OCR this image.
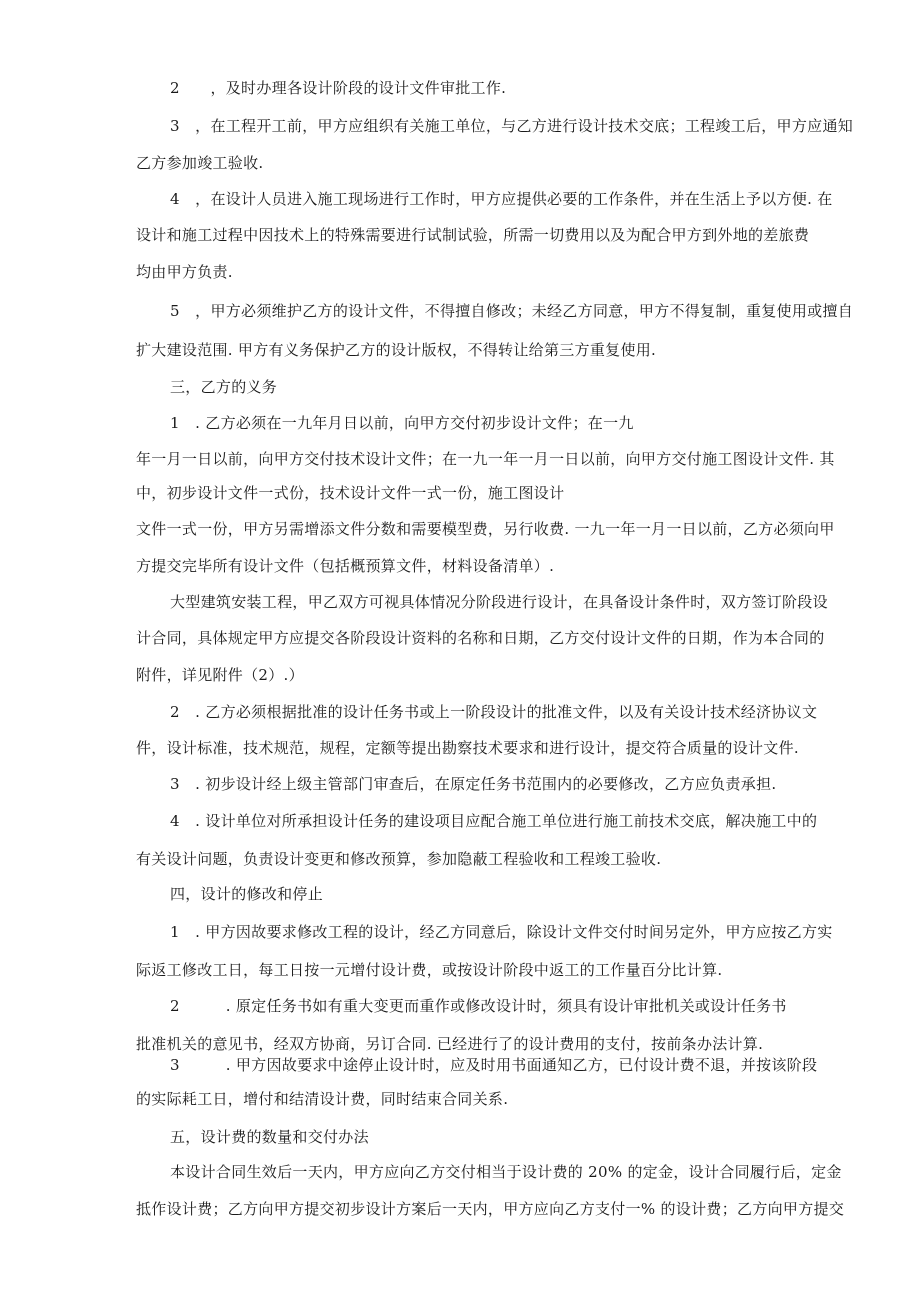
2　　，及时办理各设计阶段的设计文件审批工作.
3　，在工程开工前，甲方应组织有关施工单位，与乙方进行设计技术交底；工程竣工后，甲方应通知
乙方参加竣工验收.
4　，在设计人员进入施工现场进行工作时，甲方应提供必要的工作条件，并在生活上予以方便. 在
设计和施工过程中因技术上的特殊需要进行试制试验，所需一切费用以及为配合甲方到外地的差旅费
均由甲方负责.
5　，甲方必须维护乙方的设计文件，不得擅自修改；未经乙方同意，甲方不得复制，重复使用或擅自
扩大建设范围. 甲方有义务保护乙方的设计版权，不得转让给第三方重复使用.
三，乙方的义务
1　. 乙方必须在一九年月日以前，向甲方交付初步设计文件；在一九
年一月一日以前，向甲方交付技术设计文件；在一九一年一月一日以前，向甲方交付施工图设计文件. 其
中，初步设计文件一式份，技术设计文件一式一份，施工图设计
文件一式一份，甲方另需增添文件分数和需要模型费，另行收费. 一九一年一月一日以前，乙方必须向甲
方提交完毕所有设计文件（包括概预算文件，材料设备清单）.
大型建筑安装工程，甲乙双方可视具体情况分阶段进行设计，在具备设计条件时，双方签订阶段设
计合同，具体规定甲方应提交各阶段设计资料的名称和日期，乙方交付设计文件的日期，作为本合同的
附件，详见附件（2）.）
2　. 乙方必须根据批准的设计任务书或上一阶段设计的批准文件，以及有关设计技术经济协议文
件，设计标准，技术规范，规程，定额等提出勘察技术要求和进行设计，提交符合质量的设计文件.
3　. 初步设计经上级主管部门审查后，在原定任务书范围内的必要修改，乙方应负责承担.
4　. 设计单位对所承担设计任务的建设项目应配合施工单位进行施工前技术交底，解决施工中的
有关设计问题，负责设计变更和修改预算，参加隐蔽工程验收和工程竣工验收.
四，设计的修改和停止
1　. 甲方因故要求修改工程的设计，经乙方同意后，除设计文件交付时间另定外，甲方应按乙方实
际返工修改工日，每工日按一元增付设计费，或按设计阶段中返工的工作量百分比计算.
2　　　. 原定任务书如有重大变更而重作或修改设计时，须具有设计审批机关或设计任务书
批准机关的意见书，经双方协商，另订合同. 已经进行了的设计费用的支付，按前条办法计算.
3　　　. 甲方因故要求中途停止设计时，应及时用书面通知乙方，已付设计费不退，并按该阶段
的实际耗工日，增付和结清设计费，同时结束合同关系.
五，设计费的数量和交付办法
本设计合同生效后一天内，甲方应向乙方交付相当于设计费的 20% 的定金，设计合同履行后，定金
抵作设计费；乙方向甲方提交初步设计方案后一天内，甲方应向乙方支付一% 的设计费；乙方向甲方提交
